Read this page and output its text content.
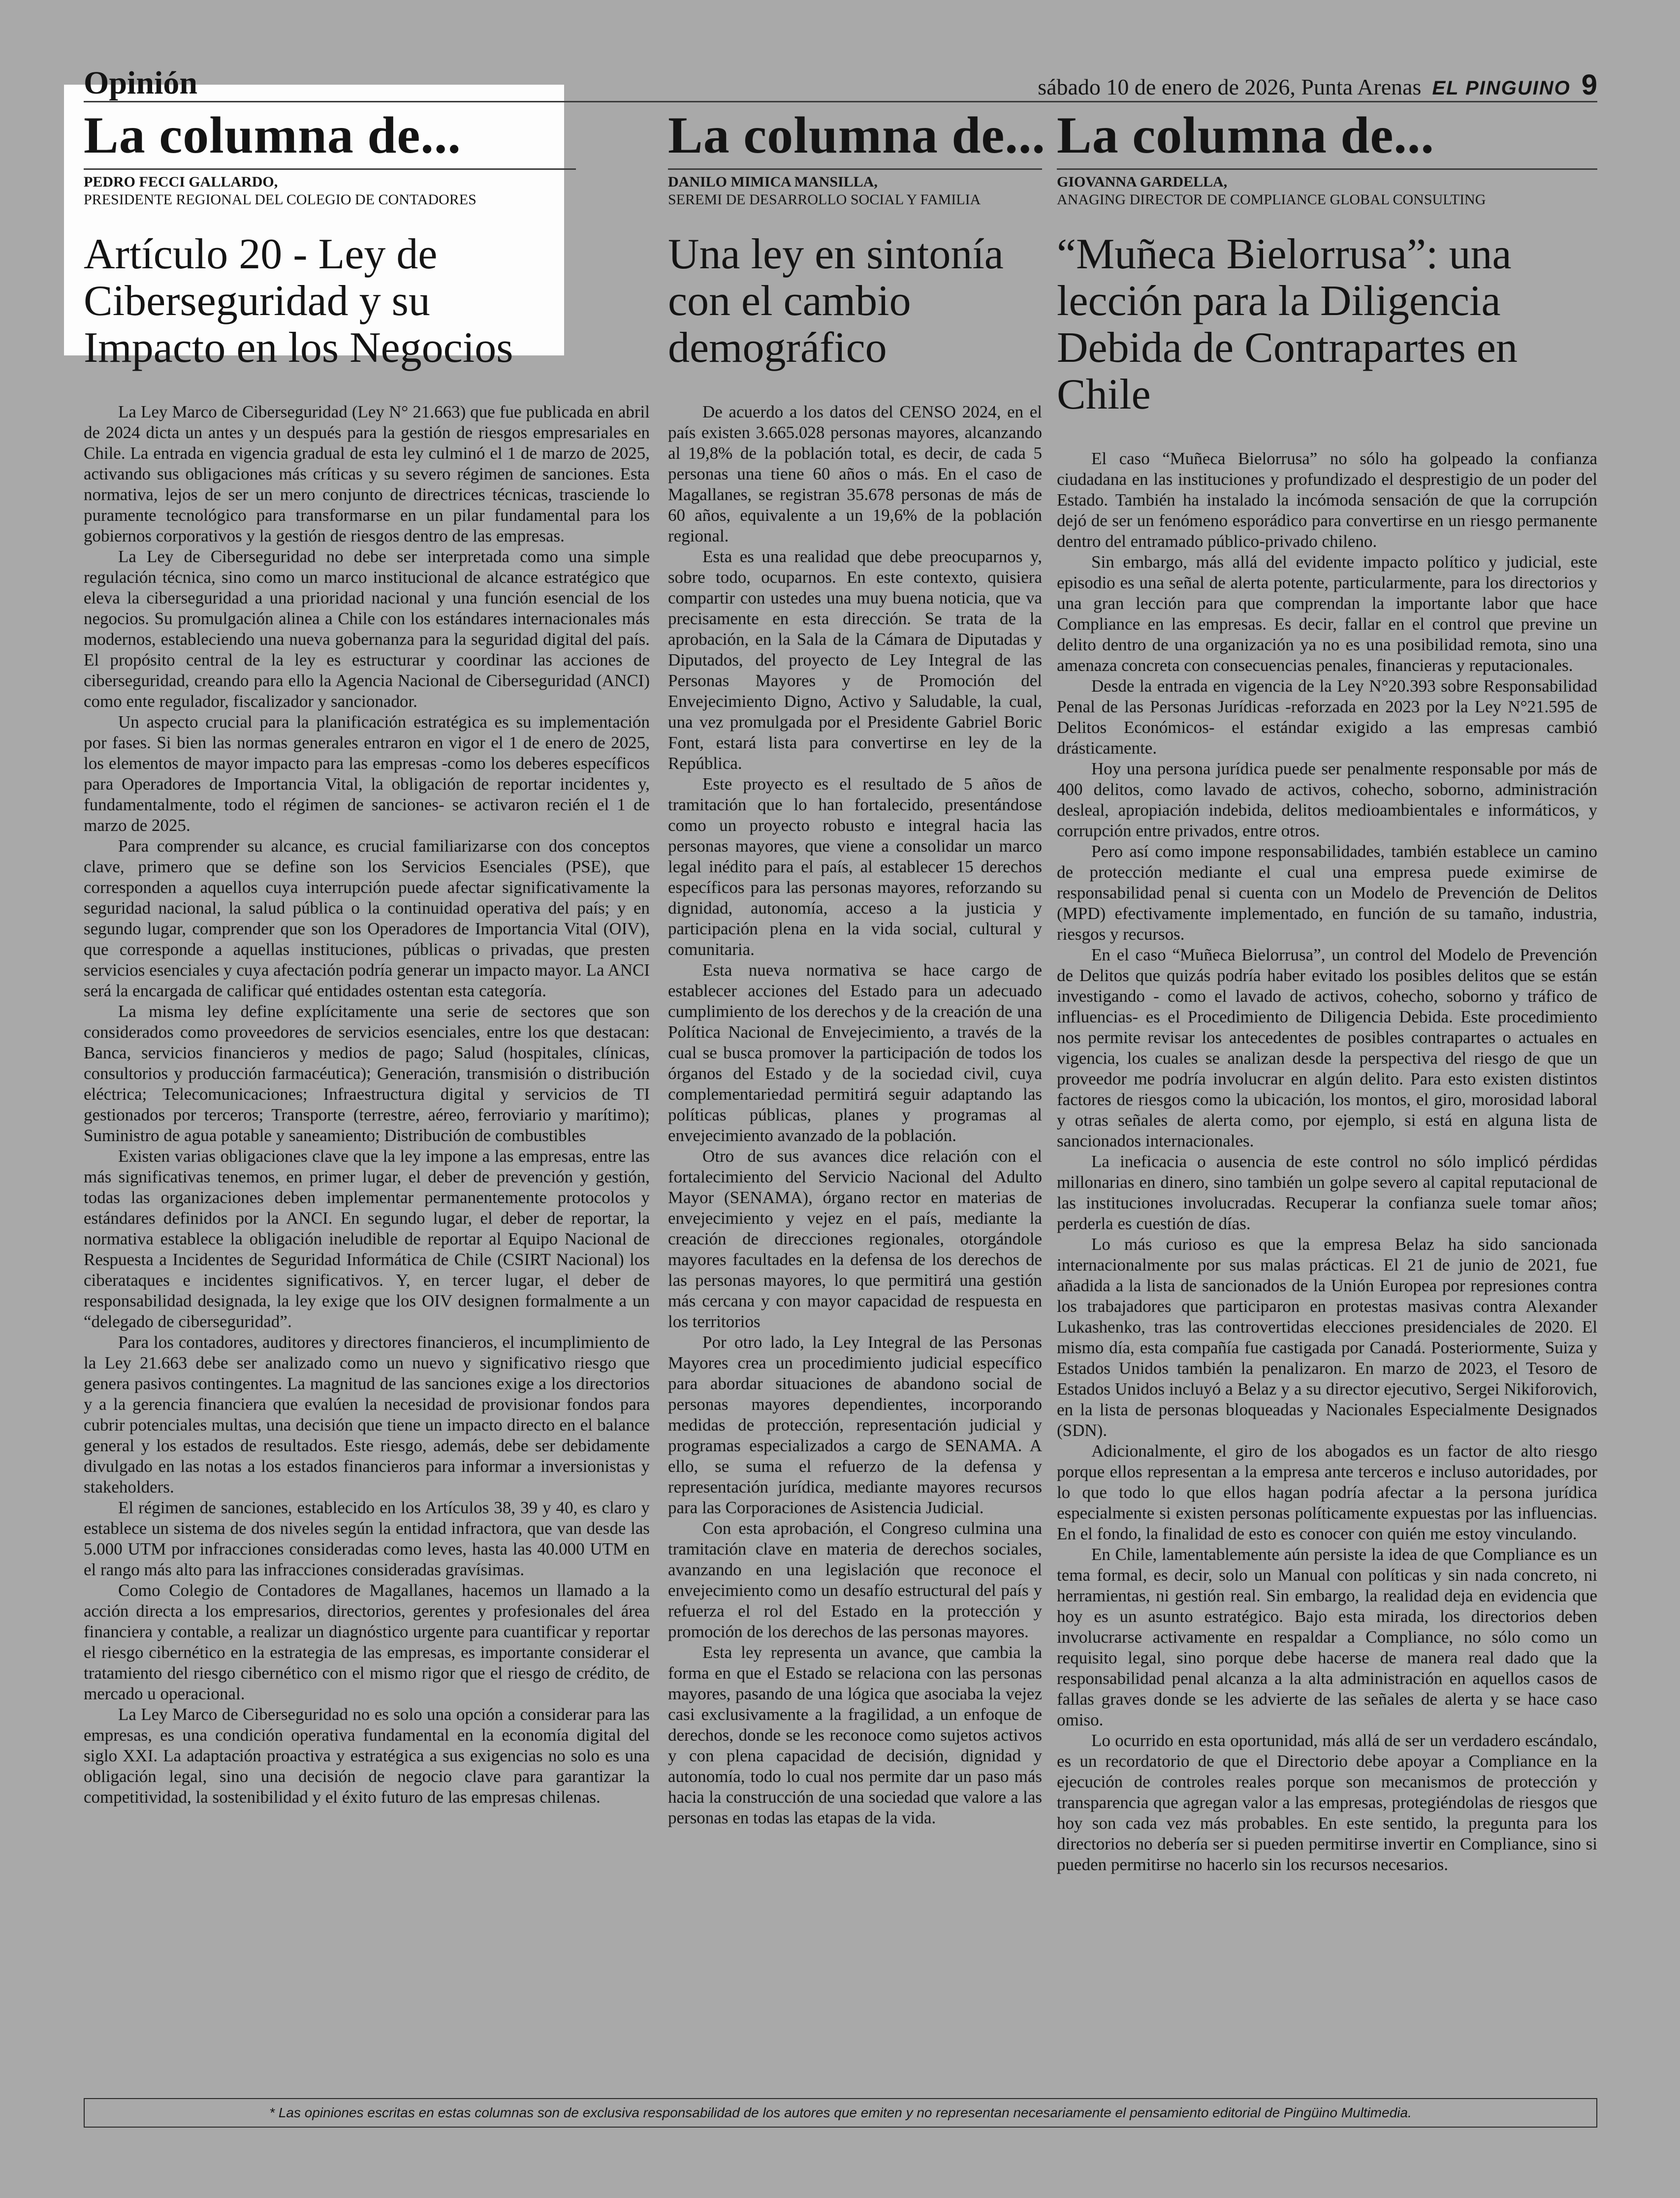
Opinión	sábado 10 de enero de 2026, Punta Arenas EL PINGUINO 9
La columna de...
PEDRO FECCI GALLARDO,
PRESIDENTE REGIONAL DEL COLEGIO DE CONTADORES
Artículo 20 - Ley de Ciberseguridad y su Impacto en los Negocios

La Ley Marco de Ciberseguridad (Ley N° 21.663) que fue publicada en abril de 2024 dicta un antes y un después para la gestión de riesgos empresariales en Chile. La entrada en vigencia gradual de esta ley culminó el 1 de marzo de 2025, activando sus obligaciones más críticas y su severo régimen de sanciones. Esta normativa, lejos de ser un mero conjunto de directrices técnicas, trasciende lo puramente tecnológico para transformarse en un pilar fundamental para los gobiernos corporativos y la gestión de riesgos dentro de las empresas.

La Ley de Ciberseguridad no debe ser interpretada como una simple regulación técnica, sino como un marco institucional de alcance estratégico que eleva la ciberseguridad a una prioridad nacional y una función esencial de los negocios. Su promulgación alinea a Chile con los estándares internacionales más modernos, estableciendo una nueva gobernanza para la seguridad digital del país. El propósito central de la ley es estructurar y coordinar las acciones de ciberseguridad, creando para ello la Agencia Nacional de Ciberseguridad (ANCI) como ente regulador, fiscalizador y sancionador.

Un aspecto crucial para la planificación estratégica es su implementación por fases. Si bien las normas generales entraron en vigor el 1 de enero de 2025, los elementos de mayor impacto para las empresas -como los deberes específicos para Operadores de Importancia Vital, la obligación de reportar incidentes y, fundamentalmente, todo el régimen de sanciones- se activaron recién el 1 de marzo de 2025.

Para comprender su alcance, es crucial familiarizarse con dos conceptos clave, primero que se define son los Servicios Esenciales (PSE), que corresponden a aquellos cuya interrupción puede afectar significativamente la seguridad nacional, la salud pública o la continuidad operativa del país; y en segundo lugar, comprender que son los Operadores de Importancia Vital (OIV), que corresponde a aquellas instituciones, públicas o privadas, que presten servicios esenciales y cuya afectación podría generar un impacto mayor. La ANCI será la encargada de calificar qué entidades ostentan esta categoría.

La misma ley define explícitamente una serie de sectores que son considerados como proveedores de servicios esenciales, entre los que destacan: Banca, servicios financieros y medios de pago; Salud (hospitales, clínicas, consultorios y producción farmacéutica); Generación, transmisión o distribución eléctrica; Telecomunicaciones; Infraestructura digital y servicios de TI gestionados por terceros; Transporte (terrestre, aéreo, ferroviario y marítimo); Suministro de agua potable y saneamiento; Distribución de combustibles

Existen varias obligaciones clave que la ley impone a las empresas, entre las más significativas tenemos, en primer lugar, el deber de prevención y gestión, todas las organizaciones deben implementar permanentemente protocolos y estándares definidos por la ANCI. En segundo lugar, el deber de reportar, la normativa establece la obligación ineludible de reportar al Equipo Nacional de Respuesta a Incidentes de Seguridad Informática de Chile (CSIRT Nacional) los ciberataques e incidentes significativos. Y, en tercer lugar, el deber de responsabilidad designada, la ley exige que los OIV designen formalmente a un “delegado de ciberseguridad”.

Para los contadores, auditores y directores financieros, el incumplimiento de la Ley 21.663 debe ser analizado como un nuevo y significativo riesgo que genera pasivos contingentes. La magnitud de las sanciones exige a los directorios y a la gerencia financiera que evalúen la necesidad de provisionar fondos para cubrir potenciales multas, una decisión que tiene un impacto directo en el balance general y los estados de resultados. Este riesgo, además, debe ser debidamente divulgado en las notas a los estados financieros para informar a inversionistas y stakeholders.

El régimen de sanciones, establecido en los Artículos 38, 39 y 40, es claro y establece un sistema de dos niveles según la entidad infractora, que van desde las 5.000 UTM por infracciones consideradas como leves, hasta las 40.000 UTM en el rango más alto para las infracciones consideradas gravísimas.

Como Colegio de Contadores de Magallanes, hacemos un llamado a la acción directa a los empresarios, directorios, gerentes y profesionales del área financiera y contable, a realizar un diagnóstico urgente para cuantificar y reportar el riesgo cibernético en la estrategia de las empresas, es importante considerar el tratamiento del riesgo cibernético con el mismo rigor que el riesgo de crédito, de mercado u operacional.

La Ley Marco de Ciberseguridad no es solo una opción a considerar para las empresas, es una condición operativa fundamental en la economía digital del siglo XXI. La adaptación proactiva y estratégica a sus exigencias no solo es una obligación legal, sino una decisión de negocio clave para garantizar la competitividad, la sostenibilidad y el éxito futuro de las empresas chilenas.

La columna de...
DANILO MIMICA MANSILLA,
SEREMI DE DESARROLLO SOCIAL Y FAMILIA
Una ley en sintonía con el cambio demográfico

De acuerdo a los datos del CENSO 2024, en el país existen 3.665.028 personas mayores, alcanzando al 19,8% de la población total, es decir, de cada 5 personas una tiene 60 años o más. En el caso de Magallanes, se registran 35.678 personas de más de 60 años, equivalente a un 19,6% de la población regional.

Esta es una realidad que debe preocuparnos y, sobre todo, ocuparnos. En este contexto, quisiera compartir con ustedes una muy buena noticia, que va precisamente en esta dirección. Se trata de la aprobación, en la Sala de la Cámara de Diputadas y Diputados, del proyecto de Ley Integral de las Personas Mayores y de Promoción del Envejecimiento Digno, Activo y Saludable, la cual, una vez promulgada por el Presidente Gabriel Boric Font, estará lista para convertirse en ley de la República.

Este proyecto es el resultado de 5 años de tramitación que lo han fortalecido, presentándose como un proyecto robusto e integral hacia las personas mayores, que viene a consolidar un marco legal inédito para el país, al establecer 15 derechos específicos para las personas mayores, reforzando su dignidad, autonomía, acceso a la justicia y participación plena en la vida social, cultural y comunitaria.

Esta nueva normativa se hace cargo de establecer acciones del Estado para un adecuado cumplimiento de los derechos y de la creación de una Política Nacional de Envejecimiento, a través de la cual se busca promover la participación de todos los órganos del Estado y de la sociedad civil, cuya complementariedad permitirá seguir adaptando las políticas públicas, planes y programas al envejecimiento avanzado de la población.

Otro de sus avances dice relación con el fortalecimiento del Servicio Nacional del Adulto Mayor (SENAMA), órgano rector en materias de envejecimiento y vejez en el país, mediante la creación de direcciones regionales, otorgándole mayores facultades en la defensa de los derechos de las personas mayores, lo que permitirá una gestión más cercana y con mayor capacidad de respuesta en los territorios

Por otro lado, la Ley Integral de las Personas Mayores crea un procedimiento judicial específico para abordar situaciones de abandono social de personas mayores dependientes, incorporando medidas de protección, representación judicial y programas especializados a cargo de SENAMA. A ello, se suma el refuerzo de la defensa y representación jurídica, mediante mayores recursos para las Corporaciones de Asistencia Judicial.

Con esta aprobación, el Congreso culmina una tramitación clave en materia de derechos sociales, avanzando en una legislación que reconoce el envejecimiento como un desafío estructural del país y refuerza el rol del Estado en la protección y promoción de los derechos de las personas mayores.

Esta ley representa un avance, que cambia la forma en que el Estado se relaciona con las personas mayores, pasando de una lógica que asociaba la vejez casi exclusivamente a la fragilidad, a un enfoque de derechos, donde se les reconoce como sujetos activos y con plena capacidad de decisión, dignidad y autonomía, todo lo cual nos permite dar un paso más hacia la construcción de una sociedad que valore a las personas en todas las etapas de la vida.

La columna de...
GIOVANNA GARDELLA,
ANAGING DIRECTOR DE COMPLIANCE GLOBAL CONSULTING
“Muñeca Bielorrusa”: una lección para la Diligencia Debida de Contrapartes en Chile

El caso “Muñeca Bielorrusa” no sólo ha golpeado la confianza ciudadana en las instituciones y profundizado el desprestigio de un poder del Estado. También ha instalado la incómoda sensación de que la corrupción dejó de ser un fenómeno esporádico para convertirse en un riesgo permanente dentro del entramado público-privado chileno.

Sin embargo, más allá del evidente impacto político y judicial, este episodio es una señal de alerta potente, particularmente, para los directorios y una gran lección para que comprendan la importante labor que hace Compliance en las empresas. Es decir, fallar en el control que previne un delito dentro de una organización ya no es una posibilidad remota, sino una amenaza concreta con consecuencias penales, financieras y reputacionales.

Desde la entrada en vigencia de la Ley N°20.393 sobre Responsabilidad Penal de las Personas Jurídicas -reforzada en 2023 por la Ley N°21.595 de Delitos Económicos- el estándar exigido a las empresas cambió drásticamente.

Hoy una persona jurídica puede ser penalmente responsable por más de 400 delitos, como lavado de activos, cohecho, soborno, administración desleal, apropiación indebida, delitos medioambientales e informáticos, y corrupción entre privados, entre otros.

Pero así como impone responsabilidades, también establece un camino de protección mediante el cual una empresa puede eximirse de responsabilidad penal si cuenta con un Modelo de Prevención de Delitos (MPD) efectivamente implementado, en función de su tamaño, industria, riesgos y recursos.

En el caso “Muñeca Bielorrusa”, un control del Modelo de Prevención de Delitos que quizás podría haber evitado los posibles delitos que se están investigando - como el lavado de activos, cohecho, soborno y tráfico de influencias- es el Procedimiento de Diligencia Debida. Este procedimiento nos permite revisar los antecedentes de posibles contrapartes o actuales en vigencia, los cuales se analizan desde la perspectiva del riesgo de que un proveedor me podría involucrar en algún delito. Para esto existen distintos factores de riesgos como la ubicación, los montos, el giro, morosidad laboral y otras señales de alerta como, por ejemplo, si está en alguna lista de sancionados internacionales.

La ineficacia o ausencia de este control no sólo implicó pérdidas millonarias en dinero, sino también un golpe severo al capital reputacional de las instituciones involucradas. Recuperar la confianza suele tomar años; perderla es cuestión de días.

Lo más curioso es que la empresa Belaz ha sido sancionada internacionalmente por sus malas prácticas. El 21 de junio de 2021, fue añadida a la lista de sancionados de la Unión Europea por represiones contra los trabajadores que participaron en protestas masivas contra Alexander Lukashenko, tras las controvertidas elecciones presidenciales de 2020. El mismo día, esta compañía fue castigada por Canadá. Posteriormente, Suiza y Estados Unidos también la penalizaron. En marzo de 2023, el Tesoro de Estados Unidos incluyó a Belaz y a su director ejecutivo, Sergei Nikiforovich, en la lista de personas bloqueadas y Nacionales Especialmente Designados (SDN).

Adicionalmente, el giro de los abogados es un factor de alto riesgo porque ellos representan a la empresa ante terceros e incluso autoridades, por lo que todo lo que ellos hagan podría afectar a la persona jurídica especialmente si existen personas políticamente expuestas por las influencias. En el fondo, la finalidad de esto es conocer con quién me estoy vinculando.

En Chile, lamentablemente aún persiste la idea de que Compliance es un tema formal, es decir, solo un Manual con políticas y sin nada concreto, ni herramientas, ni gestión real. Sin embargo, la realidad deja en evidencia que hoy es un asunto estratégico. Bajo esta mirada, los directorios deben involucrarse activamente en respaldar a Compliance, no sólo como un requisito legal, sino porque debe hacerse de manera real dado que la responsabilidad penal alcanza a la alta administración en aquellos casos de fallas graves donde se les advierte de las señales de alerta y se hace caso omiso.

Lo ocurrido en esta oportunidad, más allá de ser un verdadero escándalo, es un recordatorio de que el Directorio debe apoyar a Compliance en la ejecución de controles reales porque son mecanismos de protección y transparencia que agregan valor a las empresas, protegiéndolas de riesgos que hoy son cada vez más probables. En este sentido, la pregunta para los directorios no debería ser si pueden permitirse invertir en Compliance, sino si pueden permitirse no hacerlo sin los recursos necesarios.

* Las opiniones escritas en estas columnas son de exclusiva responsabilidad de los autores que emiten y no representan necesariamente el pensamiento editorial de Pingüino Multimedia.
